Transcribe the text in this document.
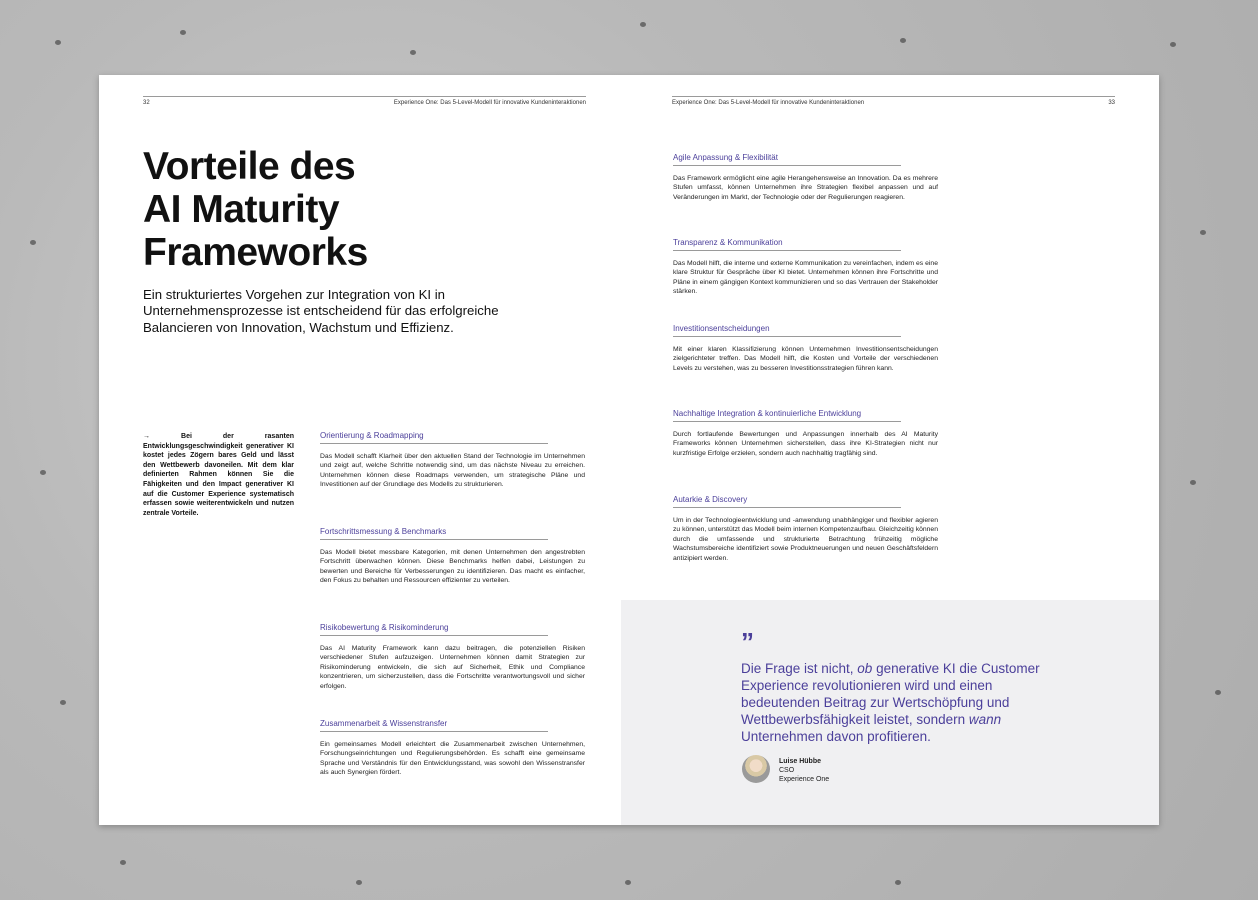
32	Experience One: Das 5-Level-Modell für innovative Kundeninteraktionen
Vorteile des
AI Maturity
Frameworks

Ein strukturiertes Vorgehen zur Integration von KI in Unternehmensprozesse ist entscheidend für das erfolgreiche Balancieren von Innovation, Wachstum und Effizienz.

→ Bei der rasanten Entwicklungsgeschwindigkeit generativer KI kostet jedes Zögern bares Geld und lässt den Wettbewerb davoneilen. Mit dem klar definierten Rahmen können Sie die Fähigkeiten und den Impact generativer KI auf die Customer Experience systematisch erfassen sowie weiterentwickeln und nutzen zentrale Vorteile.

Orientierung & Roadmapping

Das Modell schafft Klarheit über den aktuellen Stand der Technologie im Unternehmen und zeigt auf, welche Schritte notwendig sind, um das nächste Niveau zu erreichen. Unternehmen können diese Roadmaps verwenden, um strategische Pläne und Investitionen auf der Grundlage des Modells zu strukturieren.

Fortschrittsmessung & Benchmarks

Das Modell bietet messbare Kategorien, mit denen Unternehmen den angestrebten Fortschritt überwachen können. Diese Benchmarks helfen dabei, Leistungen zu bewerten und Bereiche für Verbesserungen zu identifizieren. Das macht es einfacher, den Fokus zu behalten und Ressourcen effizienter zu verteilen.

Risikobewertung & Risikominderung

Das AI Maturity Framework kann dazu beitragen, die potenziellen Risiken verschiedener Stufen aufzuzeigen. Unternehmen können damit Strategien zur Risikominderung entwickeln, die sich auf Sicherheit, Ethik und Compliance konzentrieren, um sicherzustellen, dass die Fortschritte verantwortungsvoll und sicher erfolgen.

Zusammenarbeit & Wissenstransfer

Ein gemeinsames Modell erleichtert die Zusammenarbeit zwischen Unternehmen, Forschungseinrichtungen und Regulierungsbehörden. Es schafft eine gemeinsame Sprache und Verständnis für den Entwicklungsstand, was sowohl den Wissenstransfer als auch Synergien fördert.

Experience One: Das 5-Level-Modell für innovative Kundeninteraktionen	33
Agile Anpassung & Flexibilität

Das Framework ermöglicht eine agile Herangehensweise an Innovation. Da es mehrere Stufen umfasst, können Unternehmen ihre Strategien flexibel anpassen und auf Veränderungen im Markt, der Technologie oder der Regulierungen reagieren.

Transparenz & Kommunikation

Das Modell hilft, die interne und externe Kommunikation zu vereinfachen, indem es eine klare Struktur für Gespräche über KI bietet. Unternehmen können ihre Fortschritte und Pläne in einem gängigen Kontext kommunizieren und so das Vertrauen der Stakeholder stärken.

Investitionsentscheidungen

Mit einer klaren Klassifizierung können Unternehmen Investitionsentscheidungen zielgerichteter treffen. Das Modell hilft, die Kosten und Vorteile der verschiedenen Levels zu verstehen, was zu besseren Investitionsstrategien führen kann.

Nachhaltige Integration & kontinuierliche Entwicklung

Durch fortlaufende Bewertungen und Anpassungen innerhalb des AI Maturity Frameworks können Unternehmen sicherstellen, dass ihre KI-Strategien nicht nur kurzfristige Erfolge erzielen, sondern auch nachhaltig tragfähig sind.

Autarkie & Discovery

Um in der Technologieentwicklung und -anwendung unabhängiger und flexibler agieren zu können, unterstützt das Modell beim internen Kompetenzaufbau. Gleichzeitig können durch die umfassende und strukturierte Betrachtung frühzeitig mögliche Wachstumsbereiche identifiziert sowie Produktneuerungen und neuen Geschäftsfeldern antizipiert werden.

”

Die Frage ist nicht, ob generative KI die Customer Experience revolutionieren wird und einen bedeutenden Beitrag zur Wertschöpfung und Wettbewerbsfähigkeit leistet, sondern wann Unternehmen davon profitieren.

Luise Hübbe
CSO
Experience One
